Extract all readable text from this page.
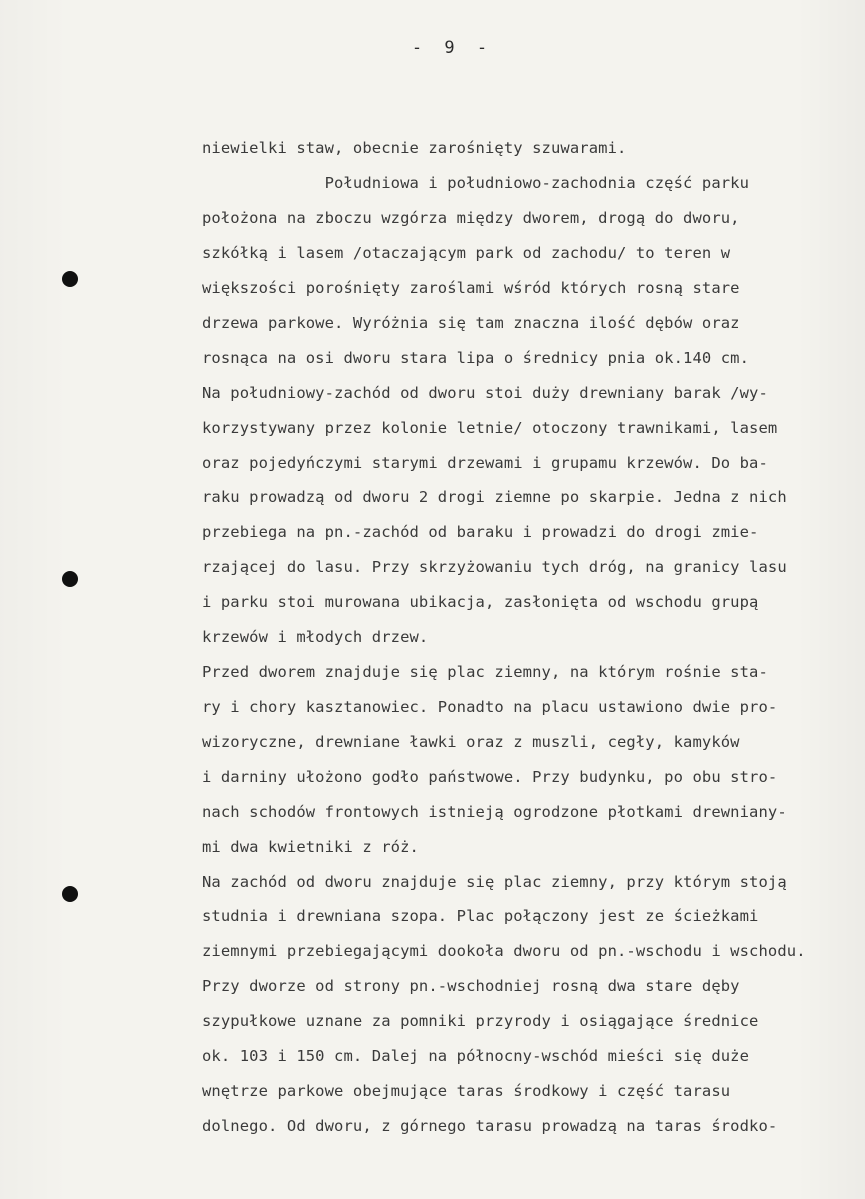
- 9 -
niewielki staw, obecnie zarośnięty szuwarami.
Południowa i południowo-zachodnia część parku
położona na zboczu wzgórza między dworem, drogą do dworu,
szkółką i lasem /otaczającym park od zachodu/ to teren w
większości porośnięty zaroślami wśród których rosną stare
drzewa parkowe. Wyróżnia się tam znaczna ilość dębów oraz
rosnąca na osi dworu stara lipa o średnicy pnia ok.140 cm.
Na południowy-zachód od dworu stoi duży drewniany barak /wy-
korzystywany przez kolonie letnie/ otoczony trawnikami, lasem
oraz pojedyńczymi starymi drzewami i grupamu krzewów. Do ba-
raku prowadzą od dworu 2 drogi ziemne po skarpie. Jedna z nich
przebiega na pn.-zachód od baraku i prowadzi do drogi zmie-
rzającej do lasu. Przy skrzyżowaniu tych dróg, na granicy lasu
i parku stoi murowana ubikacja, zasłonięta od wschodu grupą
krzewów i młodych drzew.
Przed dworem znajduje się plac ziemny, na którym rośnie sta-
ry i chory kasztanowiec. Ponadto na placu ustawiono dwie pro-
wizoryczne, drewniane ławki oraz z muszli, cegły, kamyków
i darniny ułożono godło państwowe. Przy budynku, po obu stro-
nach schodów frontowych istnieją ogrodzone płotkami drewniany-
mi dwa kwietniki z róż.
Na zachód od dworu znajduje się plac ziemny, przy którym stoją
studnia i drewniana szopa. Plac połączony jest ze ścieżkami
ziemnymi przebiegającymi dookoła dworu od pn.-wschodu i wschodu.
Przy dworze od strony pn.-wschodniej rosną dwa stare dęby
szypułkowe uznane za pomniki przyrody i osiągające średnice
ok. 103 i 150 cm. Dalej na północny-wschód mieści się duże
wnętrze parkowe obejmujące taras środkowy i część tarasu
dolnego. Od dworu, z górnego tarasu prowadzą na taras środko-
